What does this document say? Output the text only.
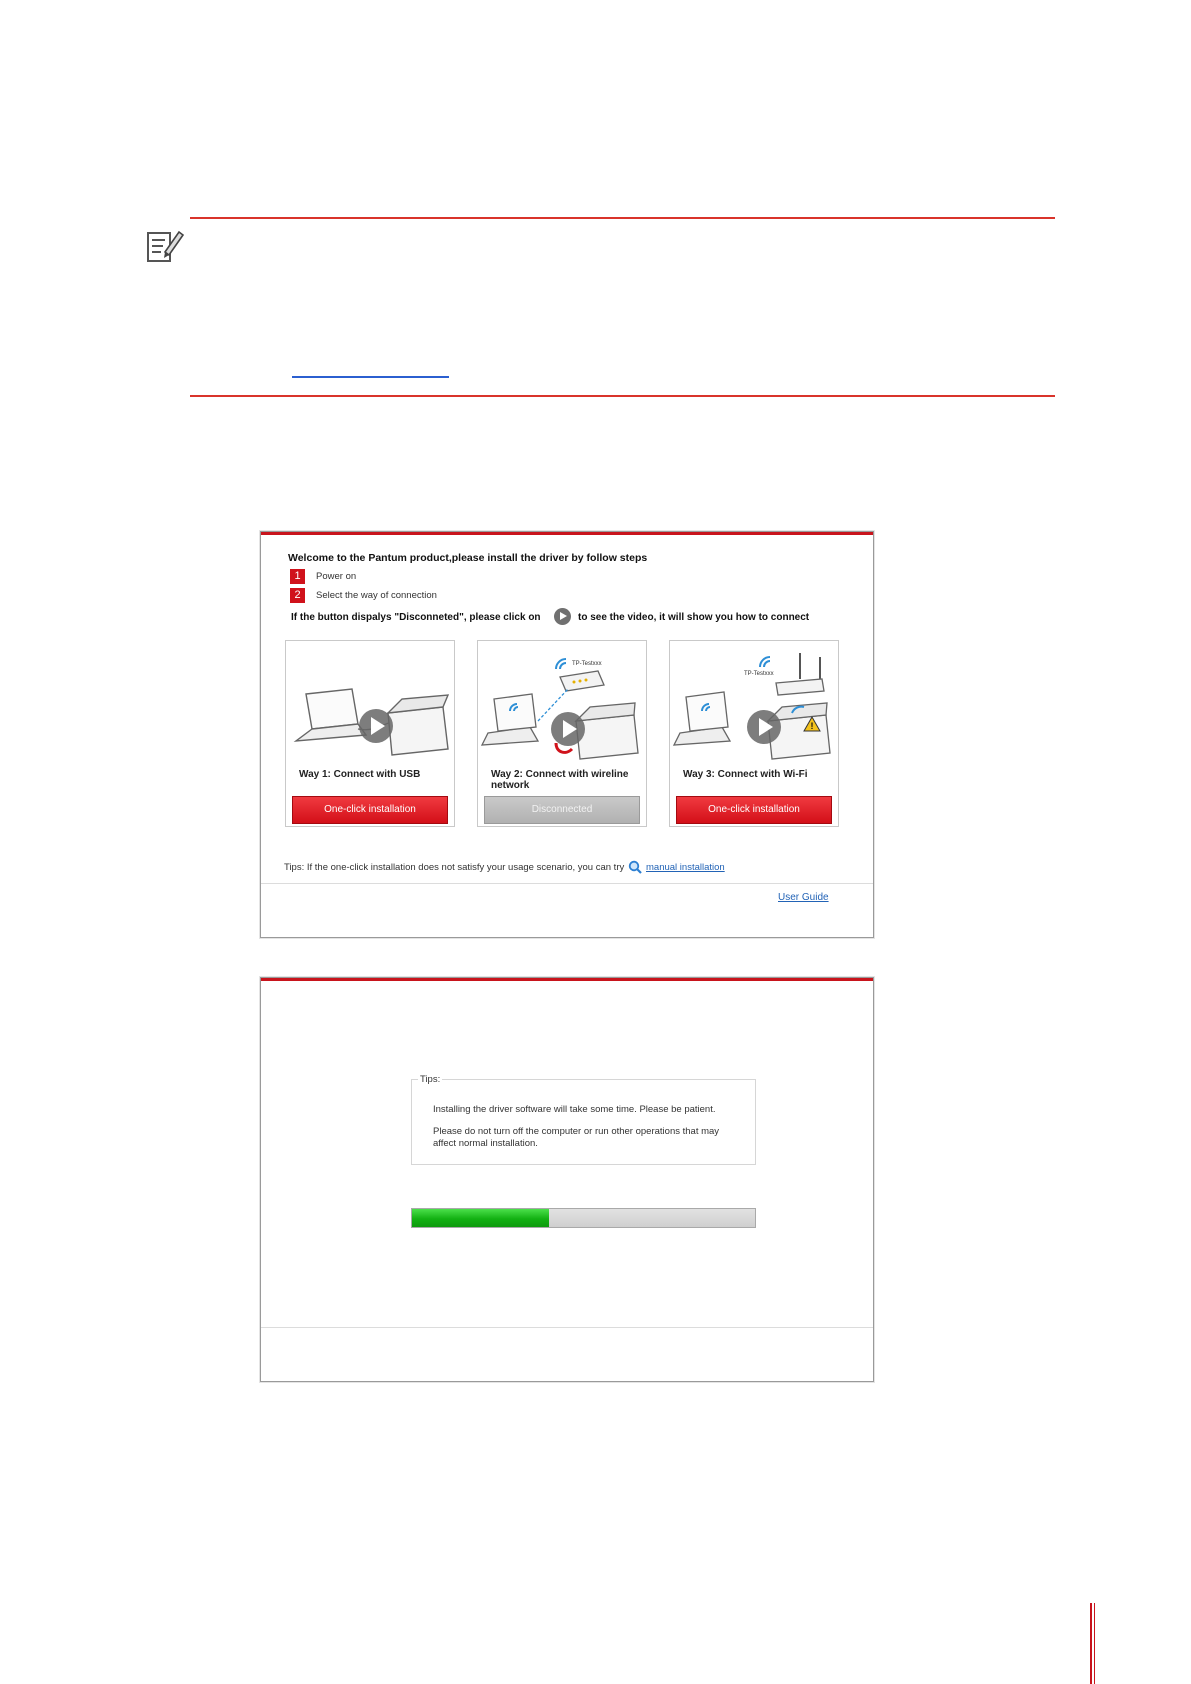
Welcome to the Pantum product,please install the driver by follow steps
1	Power on
2	Select the way of connection
If the button dispalys "Disconneted", please click on	to see the video, it will show you how to connect
Way 1: Connect with USB
One-click installation
TP-Testxxx
Way 2: Connect with wireline network
Disconnected
TP-Testxxx
!
Way 3: Connect with Wi-Fi
One-click installation
Tips: If the one-click installation does not satisfy your usage scenario, you can try manual installation
User Guide
Tips:
Installing the driver software will take some time. Please be patient.
Please do not turn off the computer or run other operations that may affect normal installation.
